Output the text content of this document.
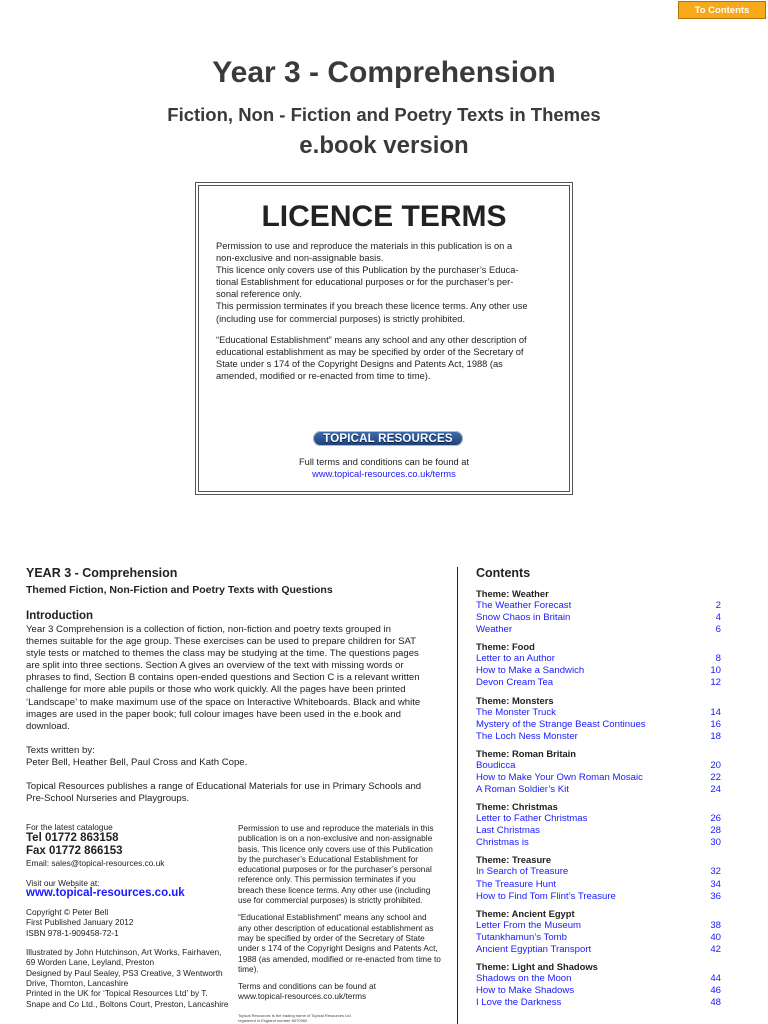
To Contents
Year 3 - Comprehension
Fiction, Non - Fiction and Poetry Texts in Themes
e.book version
LICENCE TERMS
Permission to use and reproduce the materials in this publication is on a
non-exclusive and non-assignable basis.
This licence only covers use of this Publication by the purchaser’s Educa-
tional Establishment for educational purposes or for the purchaser’s per-
sonal reference only.
This permission terminates if you breach these licence terms. Any other use
(including use for commercial purposes) is strictly prohibited.
“Educational Establishment” means any school and any other description of
educational establishment as may be specified by order of the Secretary of
State under s 174 of the Copyright Designs and Patents Act, 1988 (as
amended, modified or re-enacted from time to time).
TOPICAL RESOURCES
Full terms and conditions can be found at
www.topical-resources.co.uk/terms
YEAR 3 - Comprehension
Themed Fiction, Non-Fiction and Poetry Texts with Questions
Introduction

Year 3 Comprehension is a collection of fiction, non-fiction and poetry texts grouped in
themes suitable for the age group. These exercises can be used to prepare children for SAT
style tests or matched to themes the class may be studying at the time. The questions pages
are split into three sections. Section A gives an overview of the text with missing words or
phrases to find, Section B contains open-ended questions and Section C is a relevant written
challenge for more able pupils or those who work quickly. All the pages have been printed
‘Landscape’ to make maximum use of the space on Interactive Whiteboards. Black and white
images are used in the paper book; full colour images have been used in the e.book and
download.

Texts written by:
Peter Bell, Heather Bell, Paul Cross and Kath Cope.

Topical Resources publishes a range of Educational Materials for use in Primary Schools and
Pre-School Nurseries and Playgroups.

For the latest catalogue
Tel 01772 863158
Fax 01772 866153
Email: sales@topical-resources.co.uk
Visit our Website at:
www.topical-resources.co.uk

Copyright © Peter Bell
First Published January 2012
ISBN 978-1-909458-72-1

Illustrated by John Hutchinson, Art Works, Fairhaven,
69 Worden Lane, Leyland, Preston
Designed by Paul Sealey, PS3 Creative, 3 Wentworth
Drive, Thornton, Lancashire
Printed in the UK for ‘Topical Resources Ltd’ by T.
Snape and Co Ltd., Boltons Court, Preston, Lancashire

Permission to use and reproduce the materials in this
publication is on a non-exclusive and non-assignable
basis. This licence only covers use of this Publication
by the purchaser’s Educational Establishment for
educational purposes or for the purchaser’s personal
reference only. This permission terminates if you
breach these licence terms. Any other use (including
use for commercial purposes) is strictly prohibited.

“Educational Establishment” means any school and
any other description of educational establishment as
may be specified by order of the Secretary of State
under s 174 of the Copyright Designs and Patents Act,
1988 (as amended, modified or re-enacted from time to
time).

Terms and conditions can be found at
www.topical-resources.co.uk/terms

Topical Resources is the trading name of Topical Resources Ltd.
registered in England number 8070960

Contents
Theme: Weather
The Weather Forecast	2
Snow Chaos in Britain	4
Weather	6
Theme: Food
Letter to an Author	8
How to Make a Sandwich	10
Devon Cream Tea	12
Theme: Monsters
The Monster Truck	14
Mystery of the Strange Beast Continues	16
The Loch Ness Monster	18
Theme: Roman Britain
Boudicca	20
How to Make Your Own Roman Mosaic	22
A Roman Soldier’s Kit	24
Theme: Christmas
Letter to Father Christmas	26
Last Christmas	28
Christmas is	30
Theme: Treasure
In Search of Treasure	32
The Treasure Hunt	34
How to Find Tom Flint’s Treasure	36
Theme: Ancient Egypt
Letter From the Museum	38
Tutankhamun’s Tomb	40
Ancient Egyptian Transport	42
Theme: Light and Shadows
Shadows on the Moon	44
How to Make Shadows	46
I Love the Darkness	48
